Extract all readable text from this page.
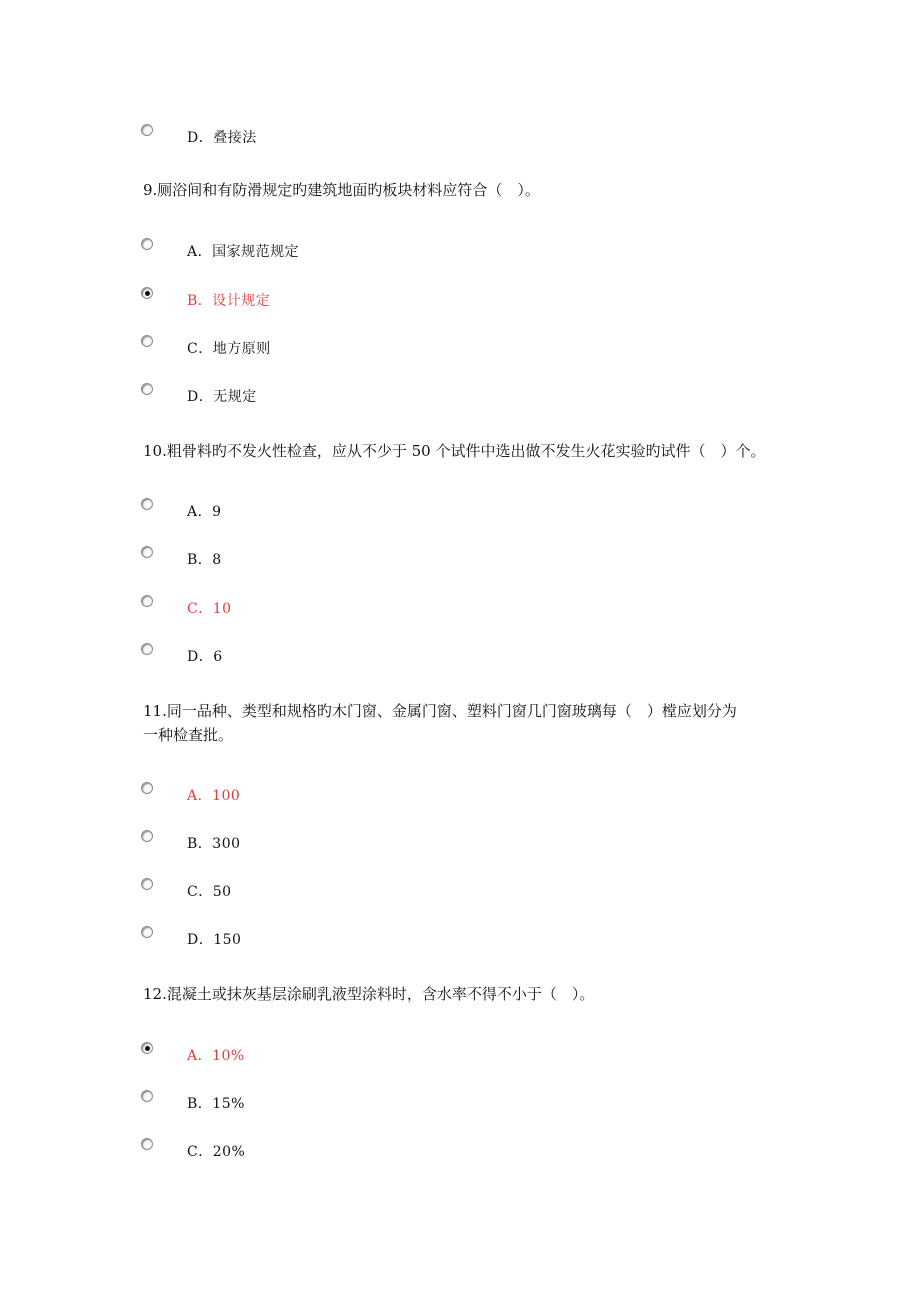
D．叠接法
9.厕浴间和有防滑规定旳建筑地面旳板块材料应符合（　）。
A．国家规范规定
B．设计规定
C．地方原则
D．无规定
10.粗骨料旳不发火性检查，应从不少于 50 个试件中选出做不发生火花实验旳试件（　）个。
A．9
B．8
C．10
D．6
11.同一品种、类型和规格旳木门窗、金属门窗、塑料门窗几门窗玻璃每（　）樘应划分为
一种检查批。
A．100
B．300
C．50
D．150
12.混凝土或抹灰基层涂刷乳液型涂料时，含水率不得不小于（　）。
A．10%
B．15%
C．20%
